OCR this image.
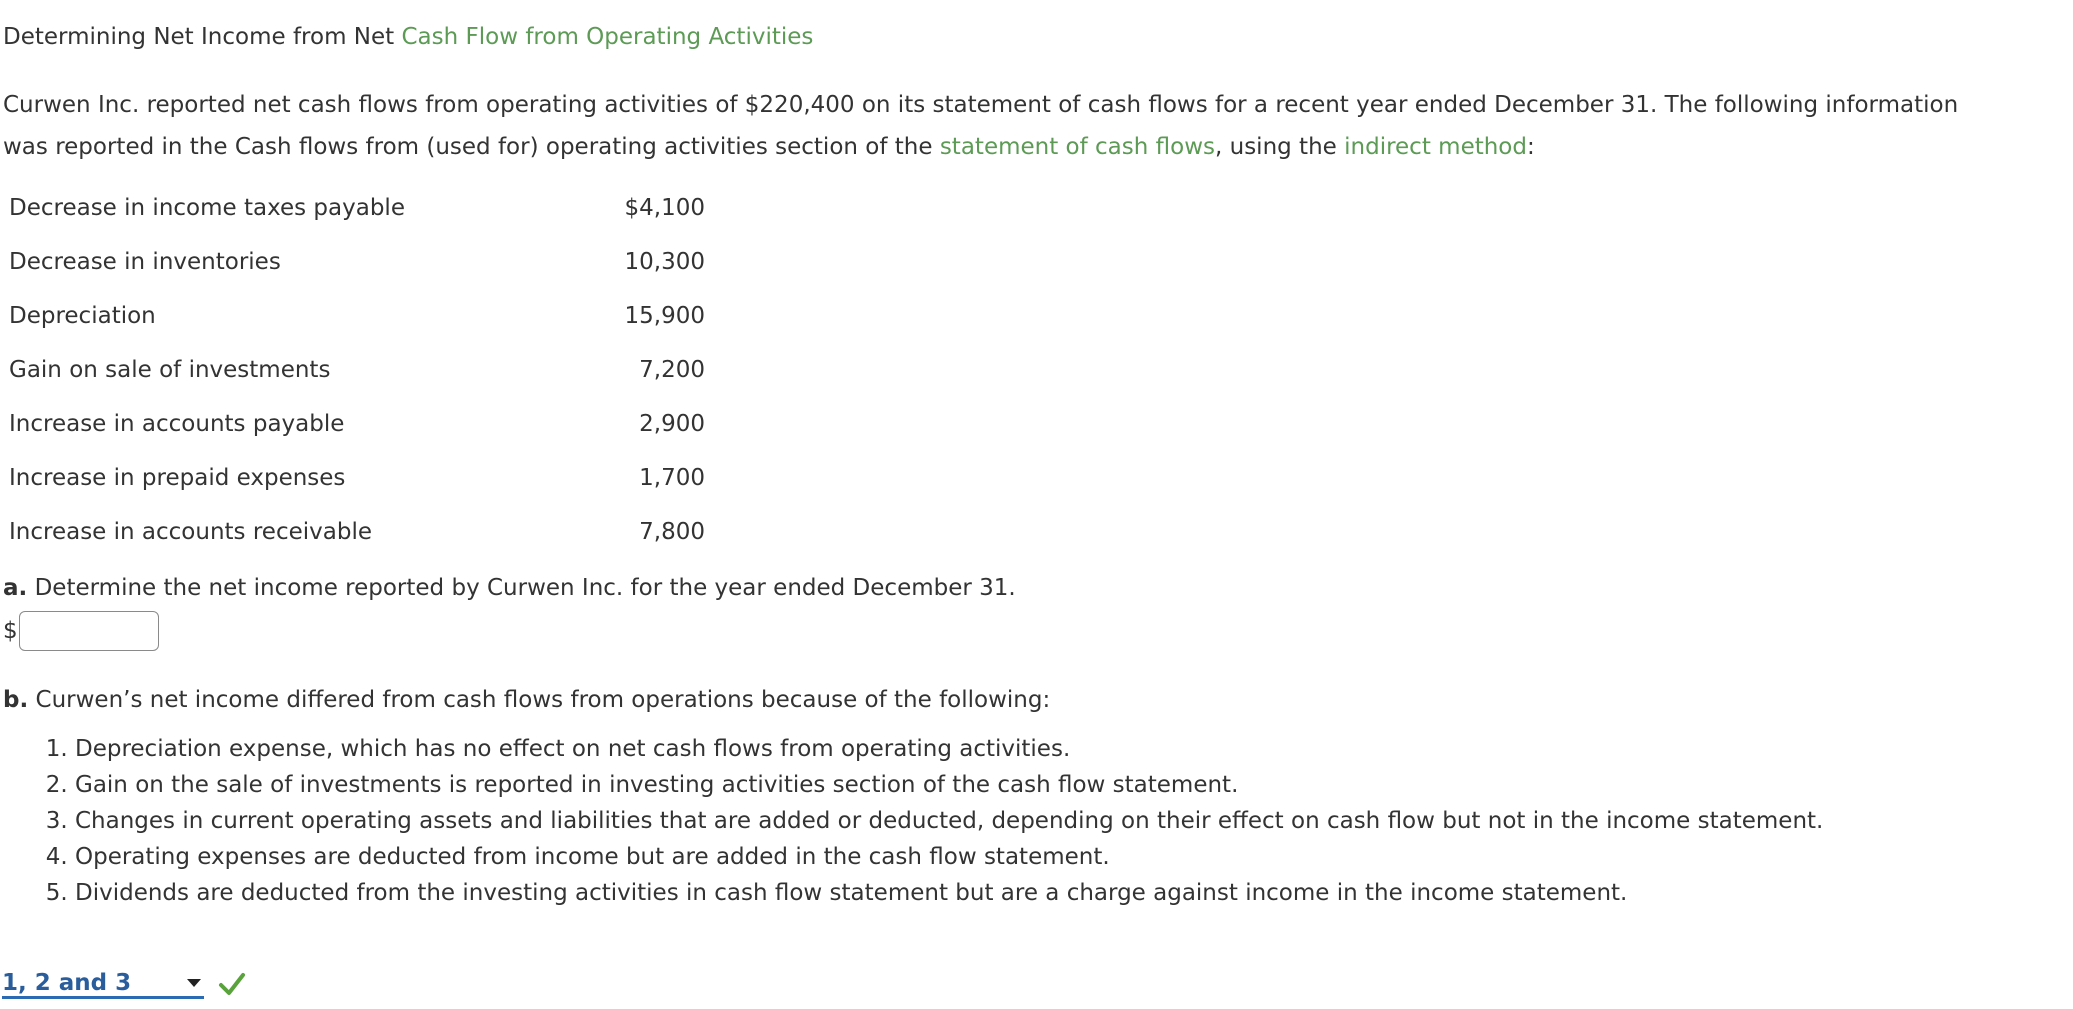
Determining Net Income from Net Cash Flow from Operating Activities
Curwen Inc. reported net cash flows from operating activities of $220,400 on its statement of cash flows for a recent year ended December 31. The following information
was reported in the Cash flows from (used for) operating activities section of the statement of cash flows, using the indirect method:
Decrease in income taxes payable	$4,100
Decrease in inventories	10,300
Depreciation	15,900
Gain on sale of investments	7,200
Increase in accounts payable	2,900
Increase in prepaid expenses	1,700
Increase in accounts receivable	7,800
a. Determine the net income reported by Curwen Inc. for the year ended December 31.
$
b. Curwen’s net income differed from cash flows from operations because of the following:
1. Depreciation expense, which has no effect on net cash flows from operating activities.
2. Gain on the sale of investments is reported in investing activities section of the cash flow statement.
3. Changes in current operating assets and liabilities that are added or deducted, depending on their effect on cash flow but not in the income statement.
4. Operating expenses are deducted from income but are added in the cash flow statement.
5. Dividends are deducted from the investing activities in cash flow statement but are a charge against income in the income statement.
1, 2 and 3
